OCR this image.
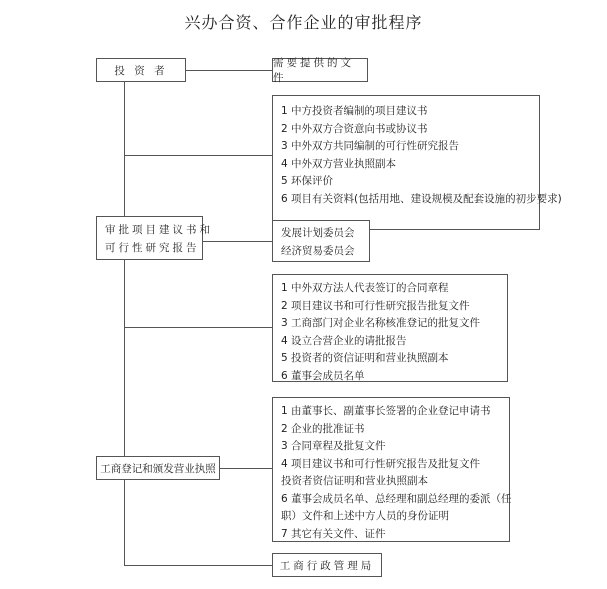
兴办合资、合作企业的审批程序
投 资 者
审批项目建议书和
可行性研究报告
工商登记和颁发营业执照
需要提供的文件
1 中方投资者编制的项目建议书
2 中外双方合资意向书或协议书
3 中外双方共同编制的可行性研究报告
4 中外双方营业执照副本
5 环保评价
6 项目有关资料(包括用地、建设规模及配套设施的初步要求)
发展计划委员会
经济贸易委员会
1 中外双方法人代表签订的合同章程
2 项目建议书和可行性研究报告批复文件
3 工商部门对企业名称核准登记的批复文件
4 设立合营企业的请批报告
5 投资者的资信证明和营业执照副本
6 董事会成员名单
1 由董事长、副董事长签署的企业登记申请书
2 企业的批准证书
3 合同章程及批复文件
4 项目建议书和可行性研究报告及批复文件
投资者资信证明和营业执照副本
6 董事会成员名单、总经理和副总经理的委派（任
职）文件和上述中方人员的身份证明
7 其它有关文件、证件
工商行政管理局
